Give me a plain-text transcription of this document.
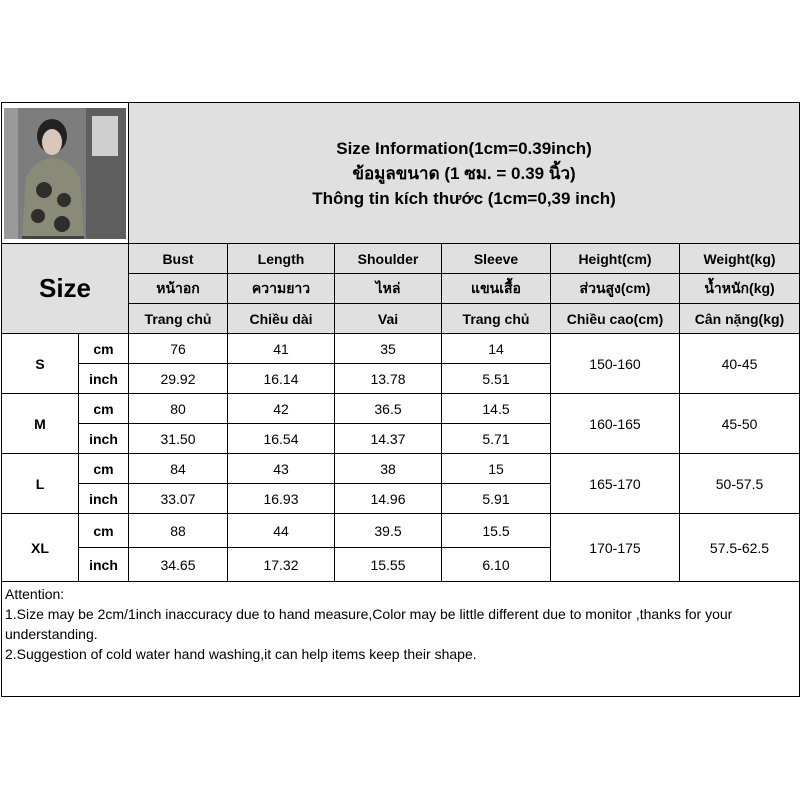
Size Information(1cm=0.39inch)
ข้อมูลขนาด (1 ซม. = 0.39 นิ้ว)
Thông tin kích thước (1cm=0,39 inch)					

Size		Bust	Length	Shoulder	Sleeve	Height(cm)	Weight(kg)
		หน้าอก	ความยาว	ไหล่	แขนเสื้อ	ส่วนสูง(cm)	น้ำหนัก(kg)
		Trang chủ	Chiều dài	Vai	Trang chủ	Chiều cao(cm)	Cân nặng(kg)
S	cm	76	41	35	14	150-160	40-45
	inch	29.92	16.14	13.78	5.51		
M	cm	80	42	36.5	14.5	160-165	45-50
	inch	31.50	16.54	14.37	5.71		
L	cm	84	43	38	15	165-170	50-57.5
	inch	33.07	16.93	14.96	5.91		
XL	cm	88	44	39.5	15.5	170-175	57.5-62.5
	inch	34.65	17.32	15.55	6.10		

Attention:
1.Size may be 2cm/1inch inaccuracy due to hand measure,Color may be little different due to monitor ,thanks for your understanding.
2.Suggestion of cold water hand washing,it can help items keep their shape.							
